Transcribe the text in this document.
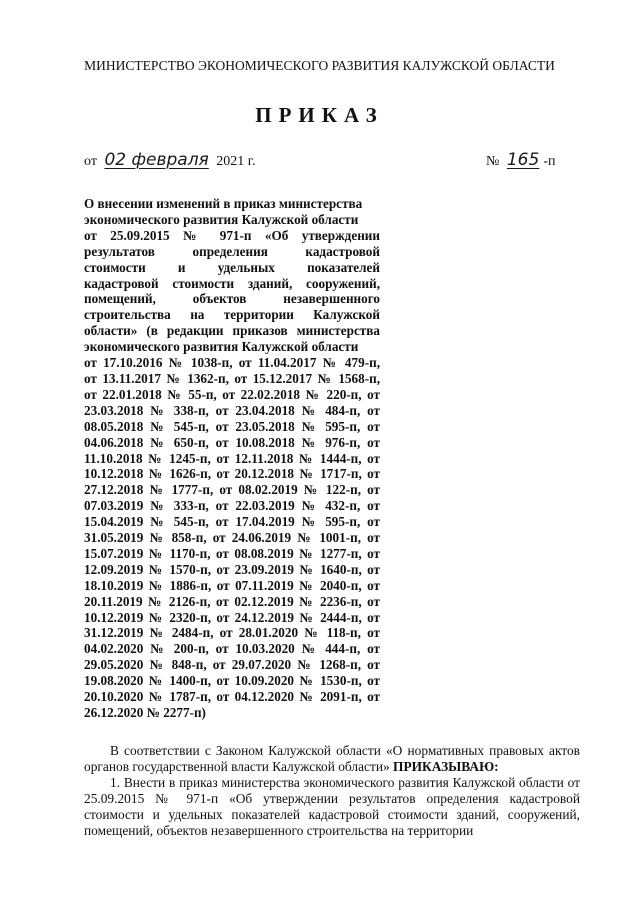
МИНИСТЕРСТВО ЭКОНОМИЧЕСКОГО РАЗВИТИЯ КАЛУЖСКОЙ ОБЛАСТИ
ПРИКАЗ
от 02 февраля 2021 г.	№ 165 -п
О внесении изменений в приказ министерства
экономического развития Калужской области
от 25.09.2015 № 971-п «Об утверждении
результатов определения кадастровой
стоимости и удельных показателей
кадастровой стоимости зданий, сооружений,
помещений, объектов незавершенного
строительства на территории Калужской
области» (в редакции приказов министерства
экономического развития Калужской области
от 17.10.2016 № 1038-п, от 11.04.2017 № 479-п,
от 13.11.2017 № 1362-п, от 15.12.2017 № 1568-п,
от 22.01.2018 № 55-п, от 22.02.2018 № 220-п, от
23.03.2018 № 338-п, от 23.04.2018 № 484-п, от
08.05.2018 № 545-п, от 23.05.2018 № 595-п, от
04.06.2018 № 650-п, от 10.08.2018 № 976-п, от
11.10.2018 № 1245-п, от 12.11.2018 № 1444-п, от
10.12.2018 № 1626-п, от 20.12.2018 № 1717-п, от
27.12.2018 № 1777-п, от 08.02.2019 № 122-п, от
07.03.2019 № 333-п, от 22.03.2019 № 432-п, от
15.04.2019 № 545-п, от 17.04.2019 № 595-п, от
31.05.2019 № 858-п, от 24.06.2019 № 1001-п, от
15.07.2019 № 1170-п, от 08.08.2019 № 1277-п, от
12.09.2019 № 1570-п, от 23.09.2019 № 1640-п, от
18.10.2019 № 1886-п, от 07.11.2019 № 2040-п, от
20.11.2019 № 2126-п, от 02.12.2019 № 2236-п, от
10.12.2019 № 2320-п, от 24.12.2019 № 2444-п, от
31.12.2019 № 2484-п, от 28.01.2020 № 118-п, от
04.02.2020 № 200-п, от 10.03.2020 № 444-п, от
29.05.2020 № 848-п, от 29.07.2020 № 1268-п, от
19.08.2020 № 1400-п, от 10.09.2020 № 1530-п, от
20.10.2020 № 1787-п, от 04.12.2020 № 2091-п, от
26.12.2020 № 2277-п)
В соответствии с Законом Калужской области «О нормативных правовых актов органов государственной власти Калужской области» ПРИКАЗЫВАЮ:
1. Внести в приказ министерства экономического развития Калужской области от 25.09.2015 № 971-п «Об утверждении результатов определения кадастровой стоимости и удельных показателей кадастровой стоимости зданий, сооружений, помещений, объектов незавершенного строительства на территории
